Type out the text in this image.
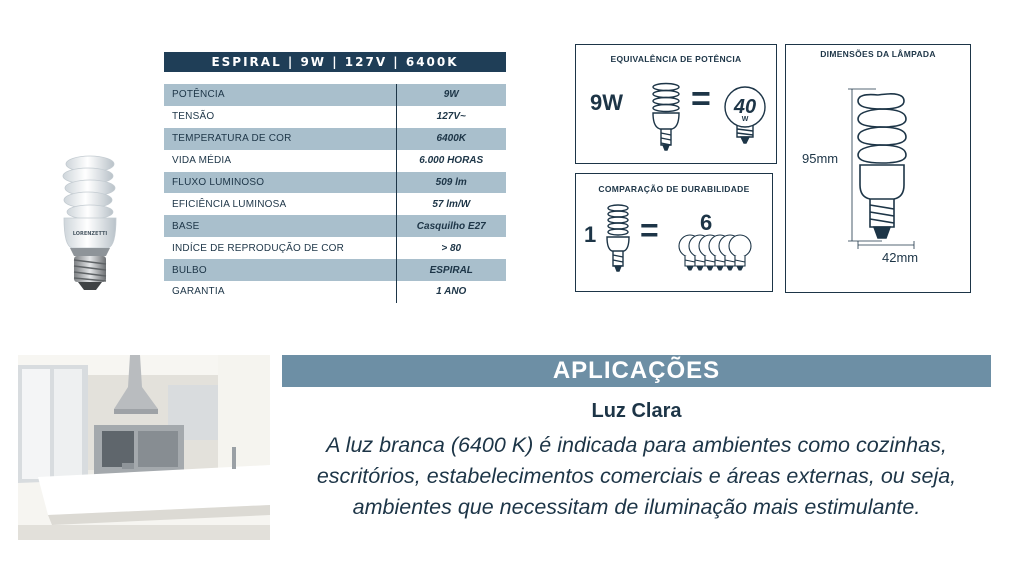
LORENZETTI
ESPIRAL | 9W | 127V | 6400K
POTÊNCIA	9W
TENSÃO	127V~
TEMPERATURA DE COR	6400K
VIDA MÉDIA	6.000 HORAS
FLUXO LUMINOSO	509 lm
EFICIÊNCIA LUMINOSA	57 lm/W
BASE	Casquilho E27
INDÍCE DE REPRODUÇÃO DE COR	> 80
BULBO	ESPIRAL
GARANTIA	1 ANO
EQUIVALÊNCIA DE POTÊNCIA
9W = 40
W
COMPARAÇÃO DE DURABILIDADE
1 = 6
DIMENSÕES DA LÂMPADA
95mm
42mm
APLICAÇÕES
Luz Clara
A luz branca (6400 K) é indicada para ambientes como cozinhas, escritórios, estabelecimentos comerciais e áreas externas, ou seja, ambientes que necessitam de iluminação mais estimulante.
